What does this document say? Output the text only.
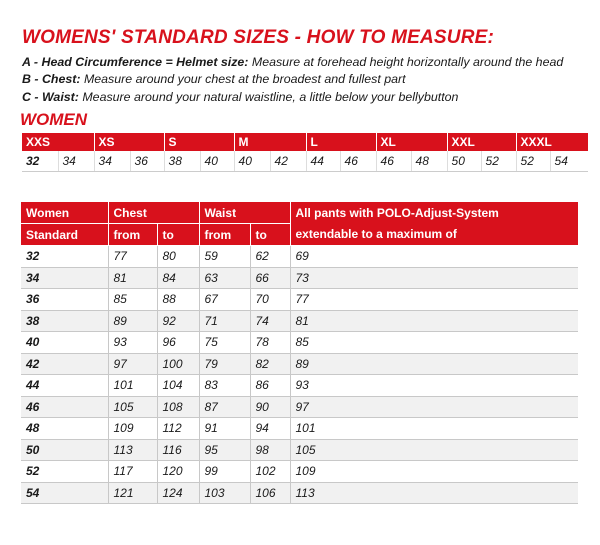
WOMENS' STANDARD SIZES - HOW TO MEASURE:
A - Head Circumference = Helmet size: Measure at forehead height horizontally around the head
B - Chest: Measure around your chest at the broadest and fullest part
C - Waist: Measure around your natural waistline, a little below your bellybutton
WOMEN
XXS		XS		S		M		L		XL		XXL		XXXL	
32	34	34	36	38	40	40	42	44	46	46	48	50	52	52	54
Women	Chest		Waist		All pants with POLO-Adjust-System
Standard	from	to	from	to	extendable to a maximum of
32	77	80	59	62	69
34	81	84	63	66	73
36	85	88	67	70	77
38	89	92	71	74	81
40	93	96	75	78	85
42	97	100	79	82	89
44	101	104	83	86	93
46	105	108	87	90	97
48	109	112	91	94	101
50	113	116	95	98	105
52	117	120	99	102	109
54	121	124	103	106	113
